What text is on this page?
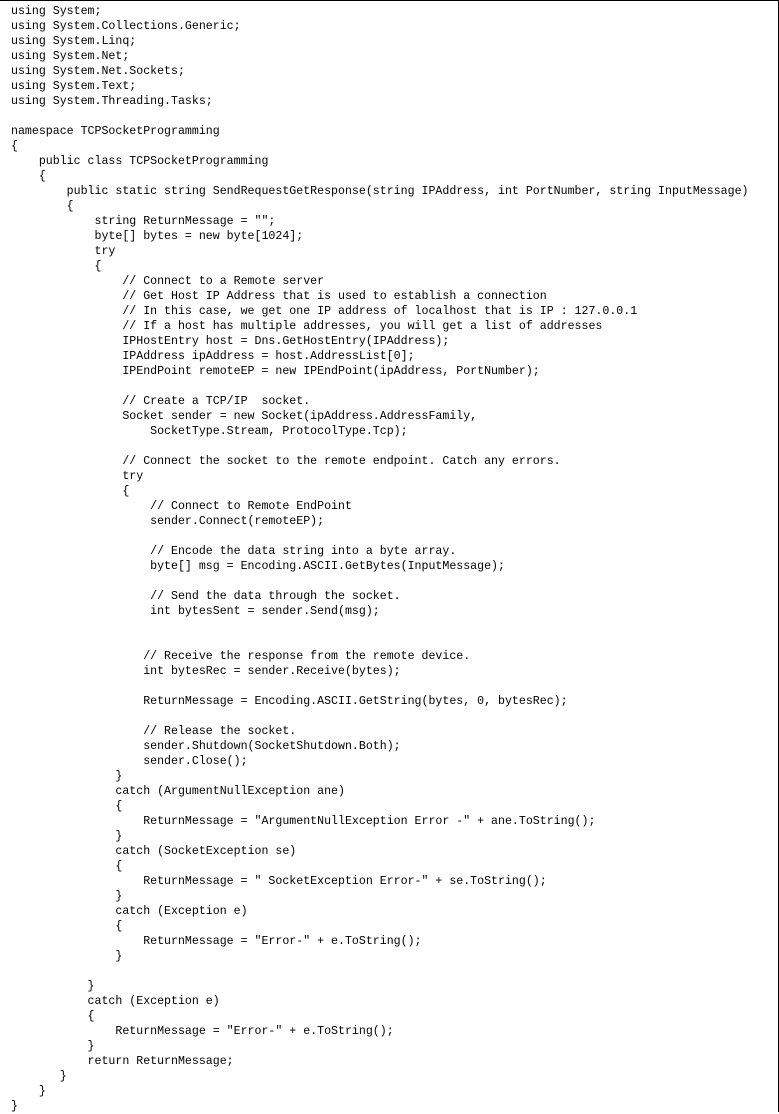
using System;
using System.Collections.Generic;
using System.Linq;
using System.Net;
using System.Net.Sockets;
using System.Text;
using System.Threading.Tasks;
namespace TCPSocketProgramming
{
public class TCPSocketProgramming
{
public static string SendRequestGetResponse(string IPAddress, int PortNumber, string InputMessage)
{
string ReturnMessage = "";
byte[] bytes = new byte[1024];
try
{
// Connect to a Remote server
// Get Host IP Address that is used to establish a connection
// In this case, we get one IP address of localhost that is IP : 127.0.0.1
// If a host has multiple addresses, you will get a list of addresses
IPHostEntry host = Dns.GetHostEntry(IPAddress);
IPAddress ipAddress = host.AddressList[0];
IPEndPoint remoteEP = new IPEndPoint(ipAddress, PortNumber);
// Create a TCP/IP  socket.
Socket sender = new Socket(ipAddress.AddressFamily,
SocketType.Stream, ProtocolType.Tcp);
// Connect the socket to the remote endpoint. Catch any errors.
try
{
// Connect to Remote EndPoint
sender.Connect(remoteEP);
// Encode the data string into a byte array.
byte[] msg = Encoding.ASCII.GetBytes(InputMessage);
// Send the data through the socket.
int bytesSent = sender.Send(msg);
// Receive the response from the remote device.
int bytesRec = sender.Receive(bytes);
ReturnMessage = Encoding.ASCII.GetString(bytes, 0, bytesRec);
// Release the socket.
sender.Shutdown(SocketShutdown.Both);
sender.Close();
}
catch (ArgumentNullException ane)
{
ReturnMessage = "ArgumentNullException Error -" + ane.ToString();
}
catch (SocketException se)
{
ReturnMessage = " SocketException Error-" + se.ToString();
}
catch (Exception e)
{
ReturnMessage = "Error-" + e.ToString();
}
}
catch (Exception e)
{
ReturnMessage = "Error-" + e.ToString();
}
return ReturnMessage;
}
}
}
